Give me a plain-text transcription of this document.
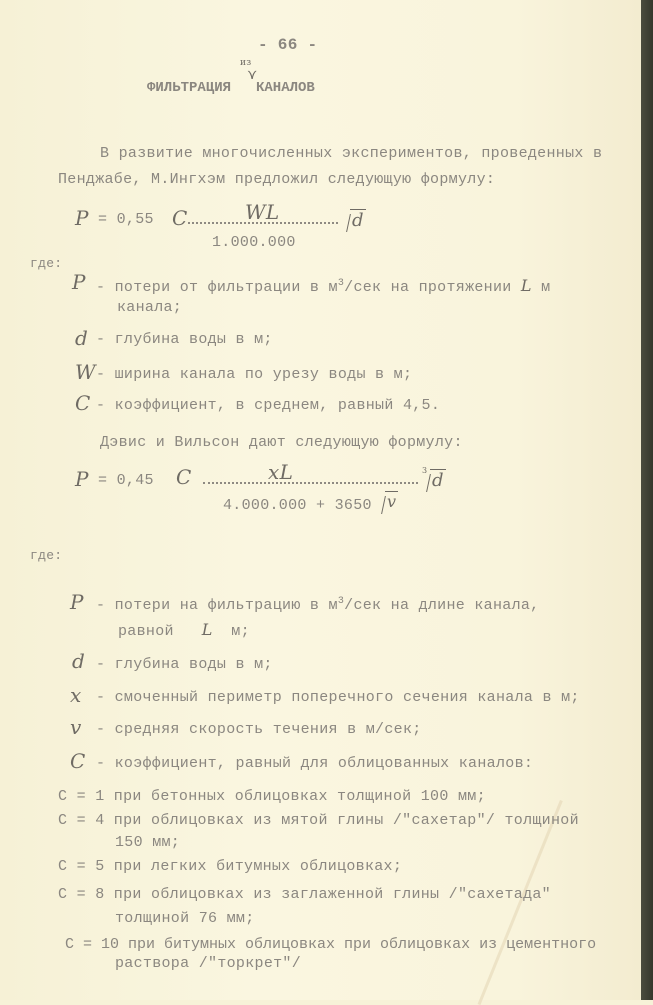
- 66 -
из
⋎
ФИЛЬТРАЦИЯ КАНАЛОВ
В развитие многочисленных экспериментов, проведенных в
Пенджабе, М.Ингхэм предложил следующую формулу:
P = 0,55 C	WL	d
1.000.000
где:
P - потери от фильтрации в $м^3$/сек на протяжении L м
канала;
d - глубина воды в м;
W - ширина канала по урезу воды в м;
C - коэффициент, в среднем, равный 4,5.
Дэвис и Вильсон дают следующую формулу:
P = 0,45 C	xL	3 d
4.000.000 + 3650 v
где:
P - потери на фильтрацию в $м^3$/сек на длине канала,
равной L м;
d - глубина воды в м;
x - смоченный периметр поперечного сечения канала в м;
v - средняя скорость течения в м/сек;
C - коэффициент, равный для облицованных каналов:
C = 1 при бетонных облицовках толщиной 100 мм;
C = 4 при облицовках из мятой глины /"сахетар"/ толщиной
150 мм;
C = 5 при легких битумных облицовках;
C = 8 при облицовках из заглаженной глины /"сахетада"
толщиной 76 мм;
C = 10 при битумных облицовках при облицовках из цементного
раствора /"торкрет"/
